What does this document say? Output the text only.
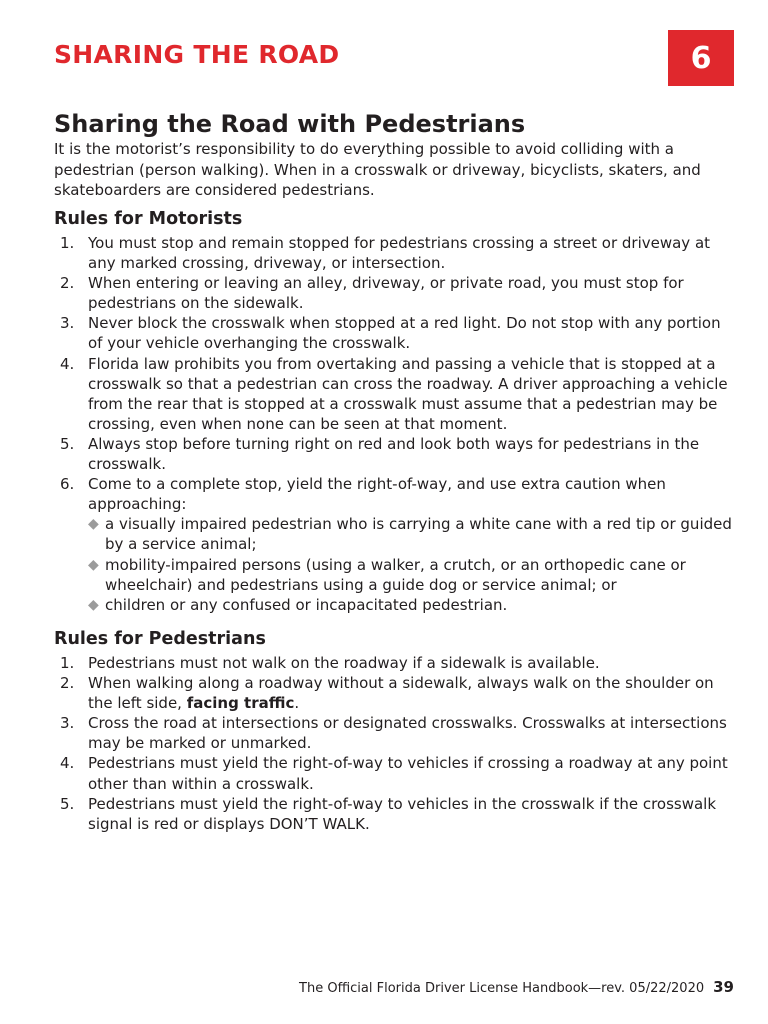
SHARING THE ROAD	6
Sharing the Road with Pedestrians

It is the motorist’s responsibility to do everything possible to avoid colliding with a pedestrian (person walking). When in a crosswalk or driveway, bicyclists, skaters, and skateboarders are considered pedestrians.

Rules for Motorists
1. You must stop and remain stopped for pedestrians crossing a street or driveway at any marked crossing, driveway, or intersection.
2. When entering or leaving an alley, driveway, or private road, you must stop for pedestrians on the sidewalk.
3. Never block the crosswalk when stopped at a red light. Do not stop with any portion of your vehicle overhanging the crosswalk.
4. Florida law prohibits you from overtaking and passing a vehicle that is stopped at a crosswalk so that a pedestrian can cross the roadway. A driver approaching a vehicle from the rear that is stopped at a crosswalk must assume that a pedestrian may be crossing, even when none can be seen at that moment.
5. Always stop before turning right on red and look both ways for pedestrians in the crosswalk.
6. Come to a complete stop, yield the right-of-way, and use extra caution when approaching:
◆ a visually impaired pedestrian who is carrying a white cane with a red tip or guided by a service animal;
◆ mobility-impaired persons (using a walker, a crutch, or an orthopedic cane or wheelchair) and pedestrians using a guide dog or service animal; or
◆ children or any confused or incapacitated pedestrian.
Rules for Pedestrians
1. Pedestrians must not walk on the roadway if a sidewalk is available.
2. When walking along a roadway without a sidewalk, always walk on the shoulder on the left side, facing traffic.
3. Cross the road at intersections or designated crosswalks. Crosswalks at intersections may be marked or unmarked.
4. Pedestrians must yield the right-of-way to vehicles if crossing a roadway at any point other than within a crosswalk.
5. Pedestrians must yield the right-of-way to vehicles in the crosswalk if the crosswalk signal is red or displays DON’T WALK.
The Official Florida Driver License Handbook—rev. 05/22/2020 39
